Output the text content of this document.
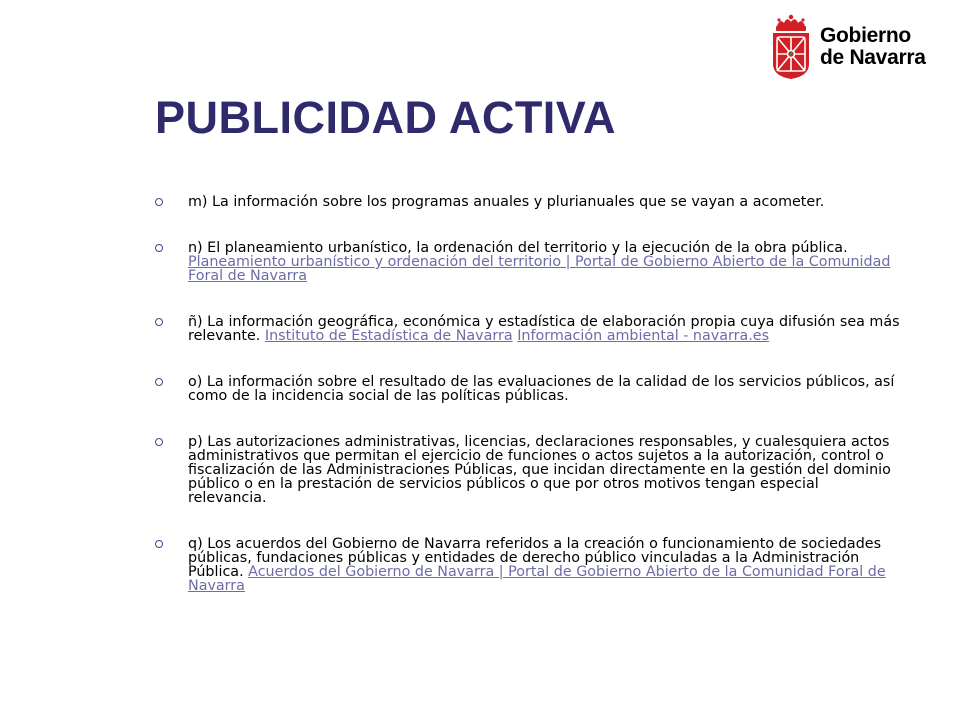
Gobierno
de Navarra
PUBLICIDAD ACTIVA
m) La información sobre los programas anuales y plurianuales que se vayan a acometer.
n) El planeamiento urbanístico, la ordenación del territorio y la ejecución de la obra pública. Planeamiento urbanístico y ordenación del territorio | Portal de Gobierno Abierto de la Comunidad Foral de Navarra
ñ) La información geográfica, económica y estadística de elaboración propia cuya difusión sea más relevante. Instituto de Estadística de Navarra Información ambiental - navarra.es
o) La información sobre el resultado de las evaluaciones de la calidad de los servicios públicos, así como de la incidencia social de las políticas públicas.
p) Las autorizaciones administrativas, licencias, declaraciones responsables, y cualesquiera actos administrativos que permitan el ejercicio de funciones o actos sujetos a la autorización, control o fiscalización de las Administraciones Públicas, que incidan directamente en la gestión del dominio público o en la prestación de servicios públicos o que por otros motivos tengan especial relevancia.
q) Los acuerdos del Gobierno de Navarra referidos a la creación o funcionamiento de sociedades públicas, fundaciones públicas y entidades de derecho público vinculadas a la Administración Pública. Acuerdos del Gobierno de Navarra | Portal de Gobierno Abierto de la Comunidad Foral de Navarra
